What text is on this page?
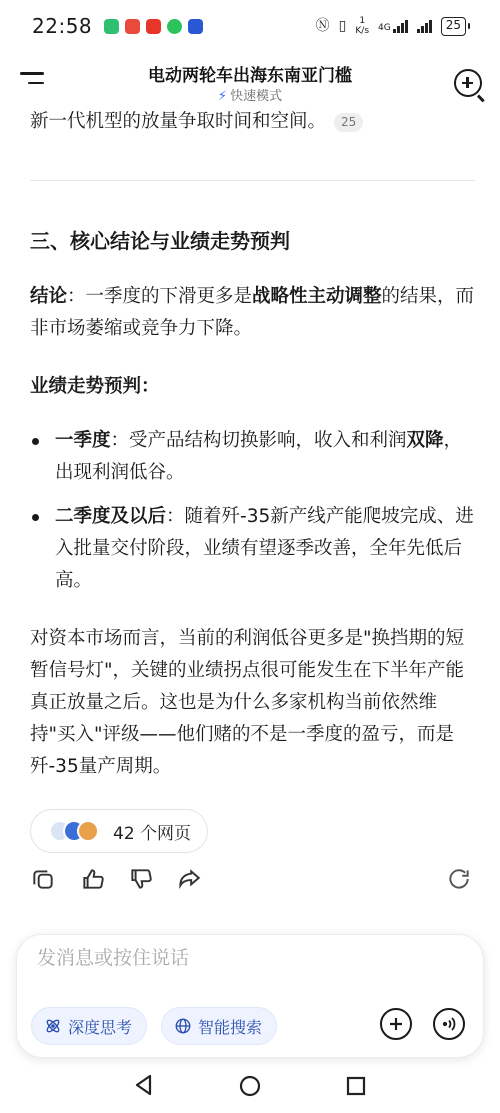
22:58	Ⓝ ▯ 1
K/s 4G	25
电动两轮车出海东南亚门槛
⚡ 快速模式
新一代机型的放量争取时间和空间。	25
三、核心结论与业绩走势预判
结论：一季度的下滑更多是战略性主动调整的结果，而非市场萎缩或竞争力下降。
业绩走势预判：
一季度：受产品结构切换影响，收入和利润双降，出现利润低谷。
二季度及以后：随着歼-35新产线产能爬坡完成、进入批量交付阶段，业绩有望逐季改善，全年先低后高。
对资本市场而言，当前的利润低谷更多是"换挡期的短暂信号灯"，关键的业绩拐点很可能发生在下半年产能真正放量之后。这也是为什么多家机构当前依然维持"买入"评级——他们赌的不是一季度的盈亏，而是歼-35量产周期。
42 个网页
发消息或按住说话
深度思考	智能搜索
